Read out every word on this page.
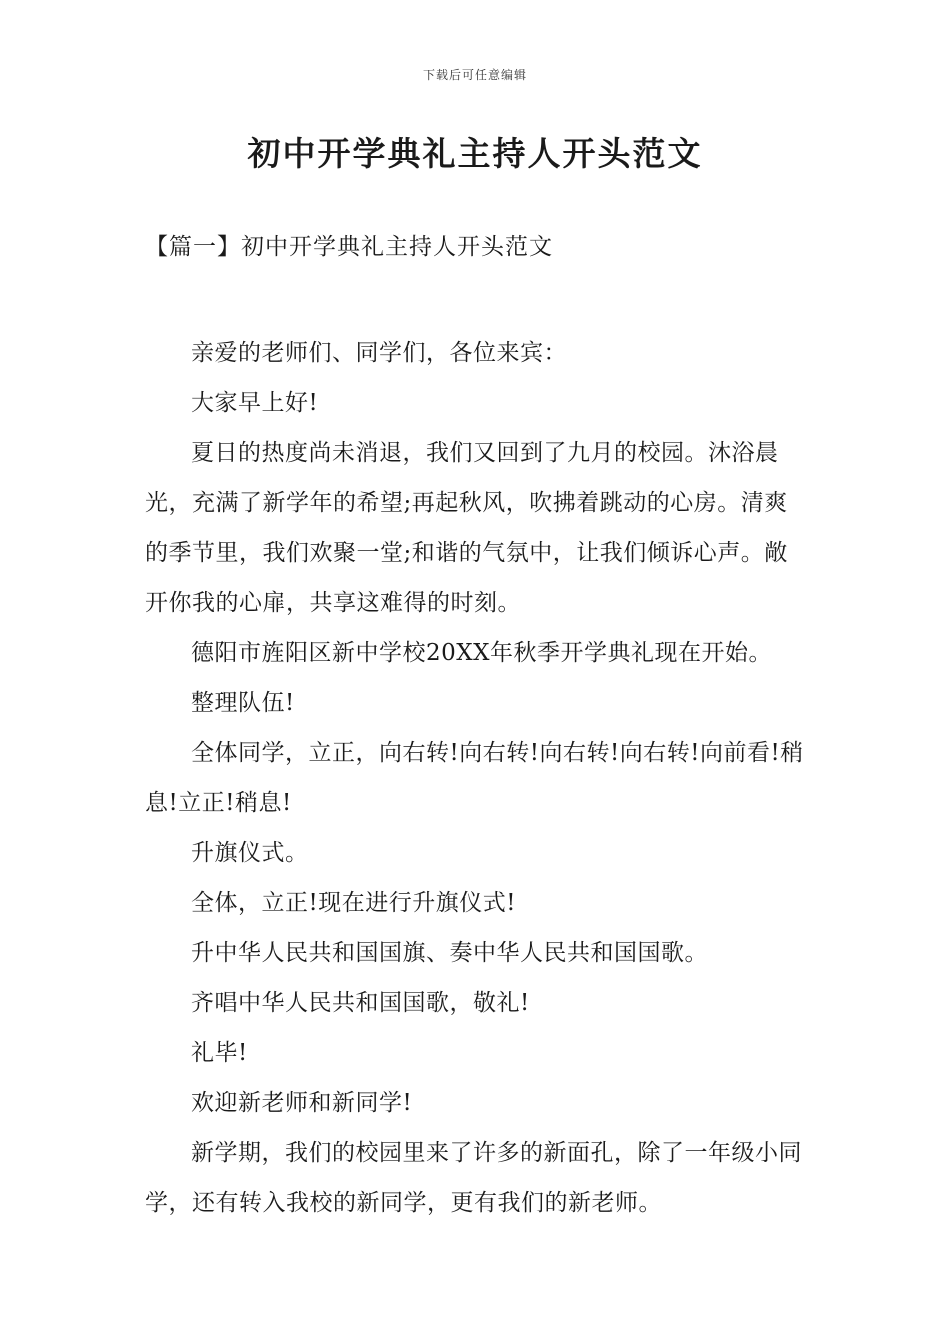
下载后可任意编辑
初中开学典礼主持人开头范文
【篇一】初中开学典礼主持人开头范文

亲爱的老师们、同学们，各位来宾：

大家早上好!

夏日的热度尚未消退，我们又回到了九月的校园。沐浴晨光，充满了新学年的希望;再起秋风，吹拂着跳动的心房。清爽的季节里，我们欢聚一堂;和谐的气氛中，让我们倾诉心声。敞开你我的心扉，共享这难得的时刻。

德阳市旌阳区新中学校20XX年秋季开学典礼现在开始。

整理队伍!

全体同学，立正，向右转!向右转!向右转!向右转!向前看!稍息!立正!稍息!

升旗仪式。

全体，立正!现在进行升旗仪式!

升中华人民共和国国旗、奏中华人民共和国国歌。

齐唱中华人民共和国国歌，敬礼!

礼毕!

欢迎新老师和新同学!

新学期，我们的校园里来了许多的新面孔，除了一年级小同学，还有转入我校的新同学，更有我们的新老师。
